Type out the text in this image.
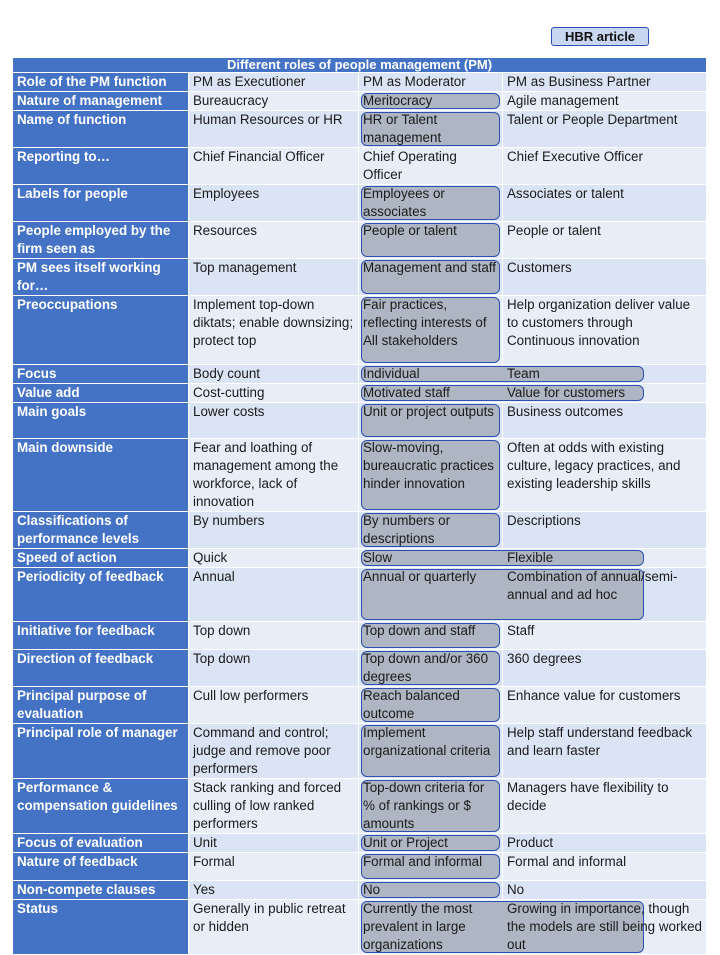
HBR article
Different roles of people management (PM)			
Role of the PM function	PM as Executioner	PM as Moderator	PM as Business Partner
Nature of management	Bureaucracy	Meritocracy	Agile management
Name of function	Human Resources or HR	HR or Talent management	Talent or People Department
Reporting to…	Chief Financial Officer	Chief Operating Officer	Chief Executive Officer
Labels for people	Employees	Employees or associates	Associates or talent
People employed by the firm seen as	Resources	People or talent	People or talent
PM sees itself working for…	Top management	Management and staff	Customers
Preoccupations	Implement top-down diktats; enable downsizing; protect top	Fair practices, reflecting interests of All stakeholders	Help organization deliver value to customers through Continuous innovation
Focus	Body count	Individual	Team
Value add	Cost-cutting	Motivated staff	Value for customers
Main goals	Lower costs	Unit or project outputs	Business outcomes
Main downside	Fear and loathing of management among the workforce, lack of innovation	Slow-moving, bureaucratic practices hinder innovation	Often at odds with existing culture, legacy practices, and existing leadership skills
Classifications of performance levels	By numbers	By numbers or descriptions	Descriptions
Speed of action	Quick	Slow	Flexible
Periodicity of feedback	Annual	Annual or quarterly	Combination of annual/semi-annual and ad hoc
Initiative for feedback	Top down	Top down and staff	Staff
Direction of feedback	Top down	Top down and/or 360 degrees	360 degrees
Principal purpose of evaluation	Cull low performers	Reach balanced outcome	Enhance value for customers
Principal role of manager	Command and control; judge and remove poor performers	Implement organizational criteria	Help staff understand feedback and learn faster
Performance & compensation guidelines	Stack ranking and forced culling of low ranked performers	Top-down criteria for % of rankings or $ amounts	Managers have flexibility to decide
Focus of evaluation	Unit	Unit or Project	Product
Nature of feedback	Formal	Formal and informal	Formal and informal
Non-compete clauses	Yes	No	No
Status	Generally in public retreat or hidden	Currently the most prevalent in large organizations	Growing in importance, though the models are still being worked out
